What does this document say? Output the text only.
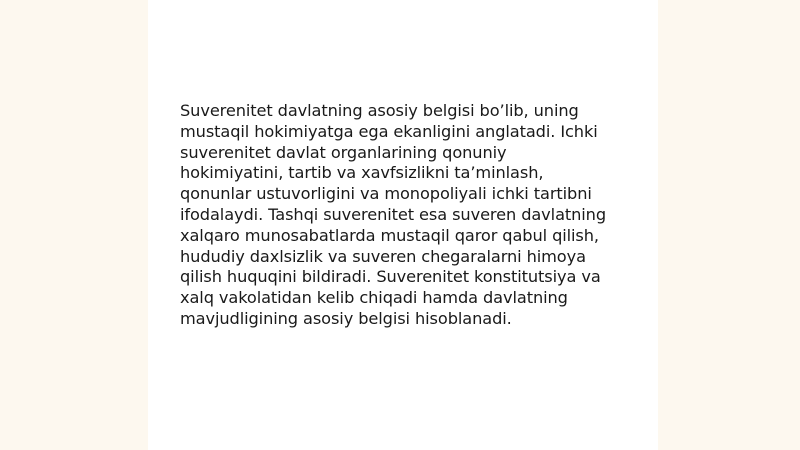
Suverenitet davlatning asosiy belgisi bo’lib, uning
mustaqil hokimiyatga ega ekanligini anglatadi. Ichki
suverenitet davlat organlarining qonuniy
hokimiyatini, tartib va xavfsizlikni ta’minlash,
qonunlar ustuvorligini va monopoliyali ichki tartibni
ifodalaydi. Tashqi suverenitet esa suveren davlatning
xalqaro munosabatlarda mustaqil qaror qabul qilish,
hududiy daxlsizlik va suveren chegaralarni himoya
qilish huquqini bildiradi. Suverenitet konstitutsiya va
xalq vakolatidan kelib chiqadi hamda davlatning
mavjudligining asosiy belgisi hisoblanadi.
